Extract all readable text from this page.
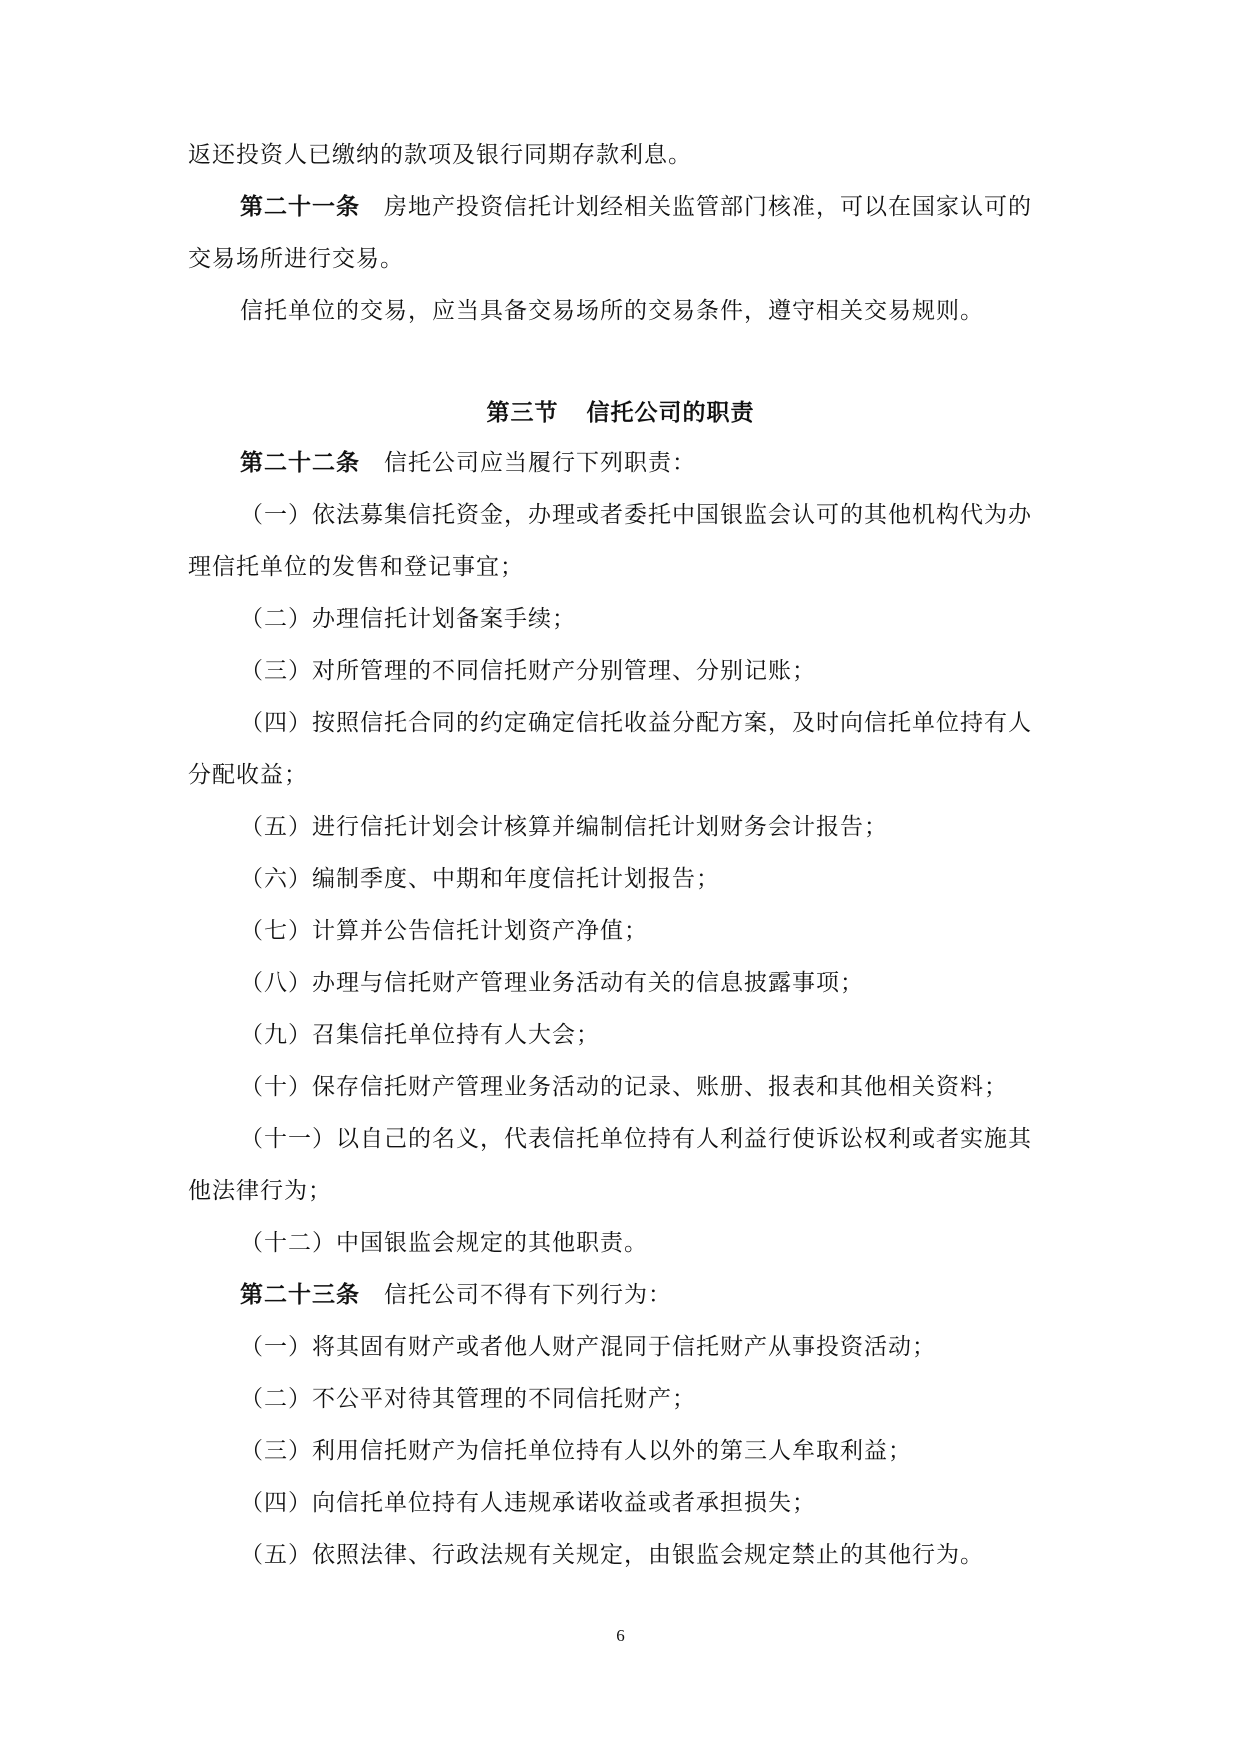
返还投资人已缴纳的款项及银行同期存款利息。
第二十一条 房地产投资信托计划经相关监管部门核准，可以在国家认可的
交易场所进行交易。
信托单位的交易，应当具备交易场所的交易条件，遵守相关交易规则。
第三节 信托公司的职责
第二十二条 信托公司应当履行下列职责：
（一）依法募集信托资金，办理或者委托中国银监会认可的其他机构代为办
理信托单位的发售和登记事宜；
（二）办理信托计划备案手续；
（三）对所管理的不同信托财产分别管理、分别记账；
（四）按照信托合同的约定确定信托收益分配方案，及时向信托单位持有人
分配收益；
（五）进行信托计划会计核算并编制信托计划财务会计报告；
（六）编制季度、中期和年度信托计划报告；
（七）计算并公告信托计划资产净值；
（八）办理与信托财产管理业务活动有关的信息披露事项；
（九）召集信托单位持有人大会；
（十）保存信托财产管理业务活动的记录、账册、报表和其他相关资料；
（十一）以自己的名义，代表信托单位持有人利益行使诉讼权利或者实施其
他法律行为；
（十二）中国银监会规定的其他职责。
第二十三条 信托公司不得有下列行为：
（一）将其固有财产或者他人财产混同于信托财产从事投资活动；
（二）不公平对待其管理的不同信托财产；
（三）利用信托财产为信托单位持有人以外的第三人牟取利益；
（四）向信托单位持有人违规承诺收益或者承担损失；
（五）依照法律、行政法规有关规定，由银监会规定禁止的其他行为。
6
